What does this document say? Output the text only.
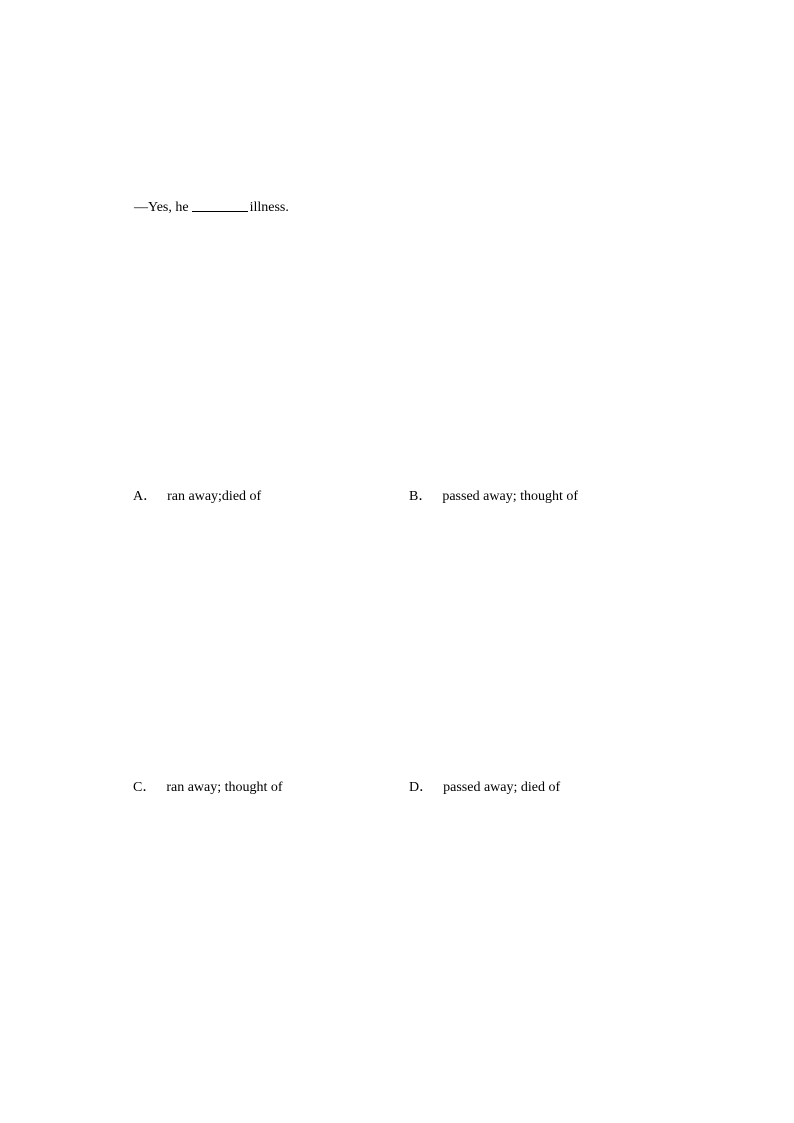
—Yes, he	illness.
A． ran away;died of	B． passed away; thought of
C． ran away; thought of	D． passed away; died of
